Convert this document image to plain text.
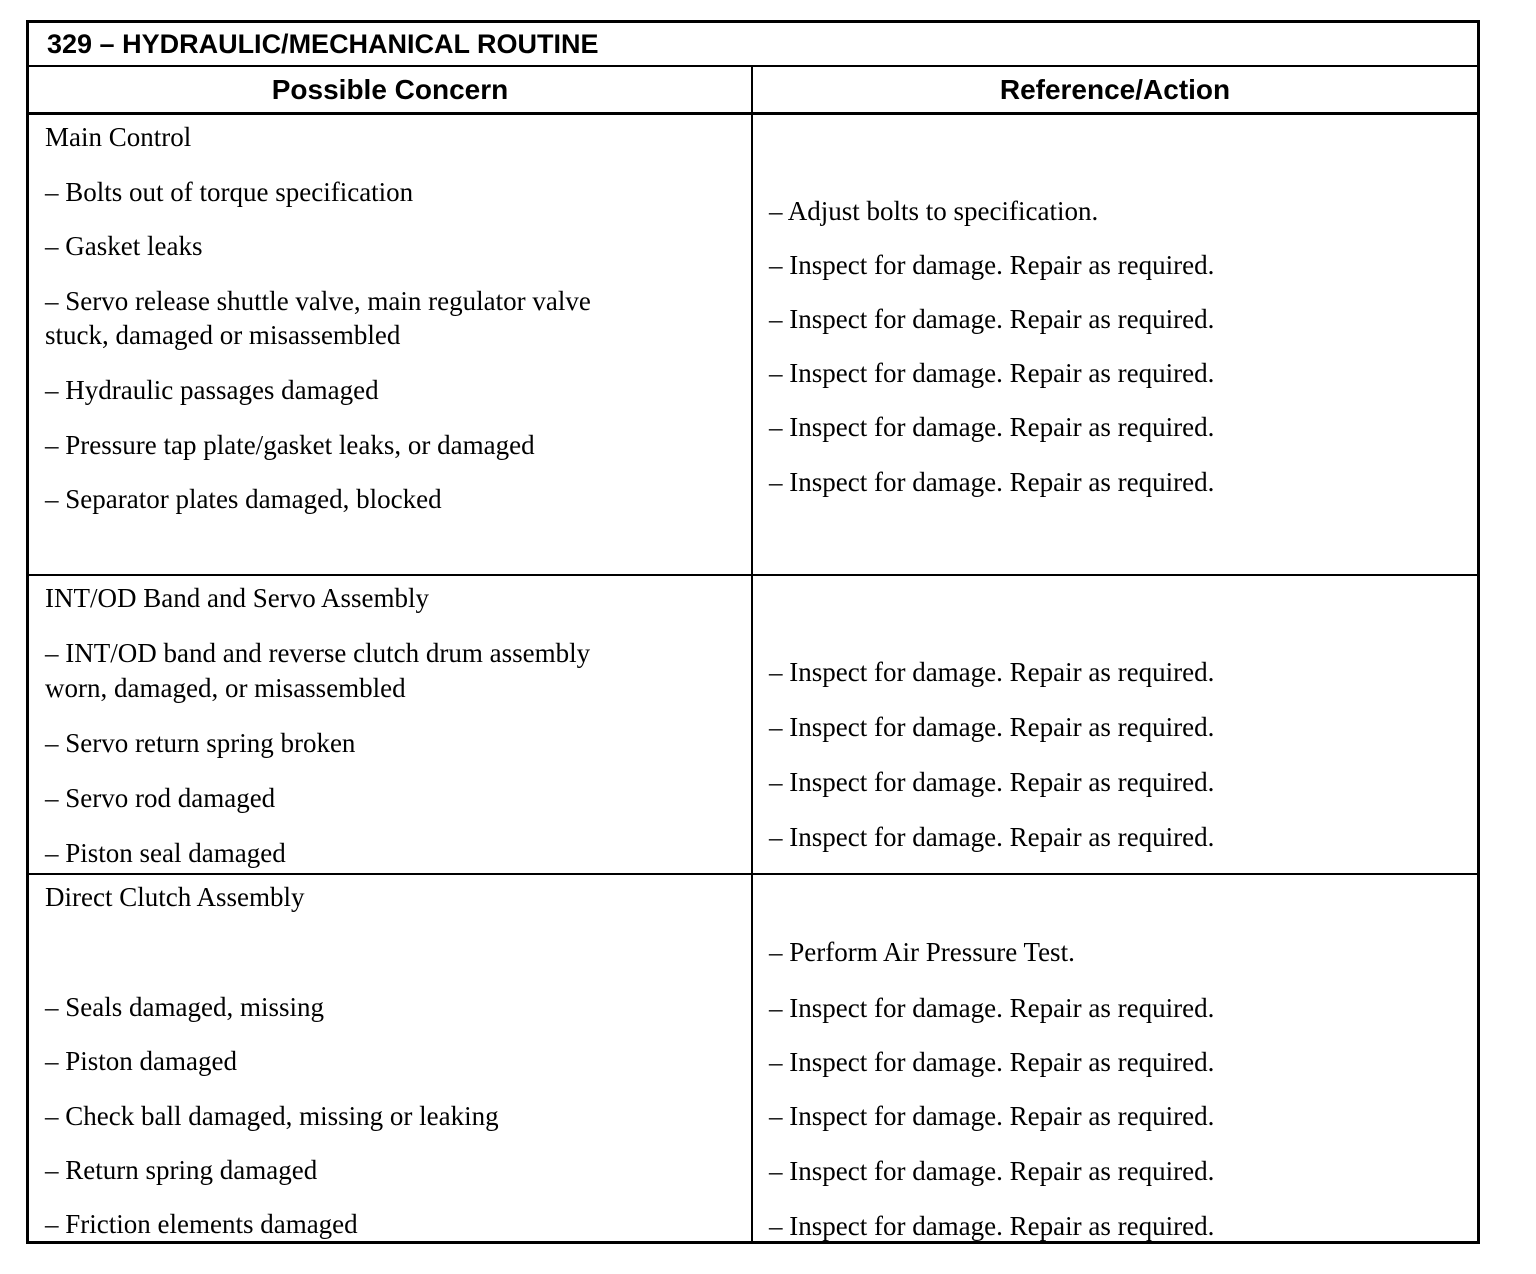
329 – HYDRAULIC/MECHANICAL ROUTINE
Possible Concern	Reference/Action
Main Control
– Bolts out of torque specification
– Gasket leaks
– Servo release shuttle valve, main regulator valve
stuck, damaged or misassembled
– Hydraulic passages damaged
– Pressure tap plate/gasket leaks, or damaged
– Separator plates damaged, blocked
– Adjust bolts to specification.
– Inspect for damage. Repair as required.
– Inspect for damage. Repair as required.
– Inspect for damage. Repair as required.
– Inspect for damage. Repair as required.
– Inspect for damage. Repair as required.
INT/OD Band and Servo Assembly
– INT/OD band and reverse clutch drum assembly
worn, damaged, or misassembled
– Servo return spring broken
– Servo rod damaged
– Piston seal damaged
– Inspect for damage. Repair as required.
– Inspect for damage. Repair as required.
– Inspect for damage. Repair as required.
– Inspect for damage. Repair as required.
Direct Clutch Assembly
– Seals damaged, missing
– Piston damaged
– Check ball damaged, missing or leaking
– Return spring damaged
– Friction elements damaged
– Perform Air Pressure Test.
– Inspect for damage. Repair as required.
– Inspect for damage. Repair as required.
– Inspect for damage. Repair as required.
– Inspect for damage. Repair as required.
– Inspect for damage. Repair as required.
